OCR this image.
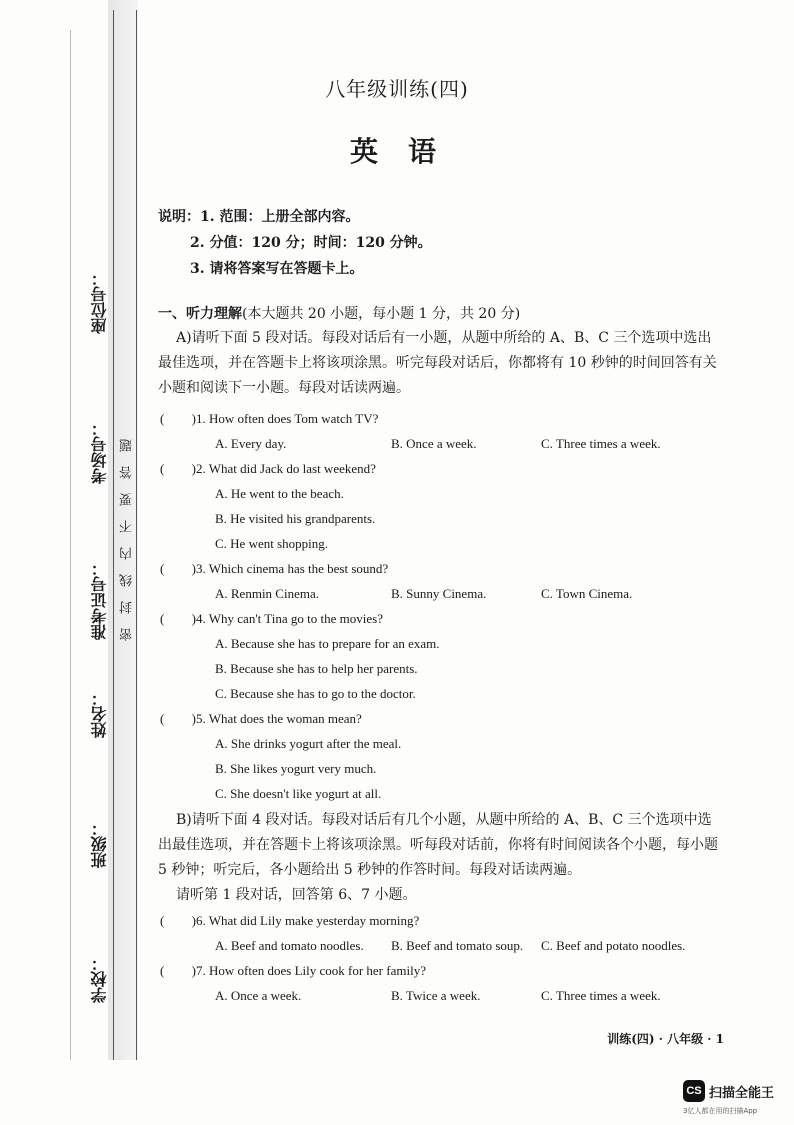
座位号：
考场号：
准考证号：
姓名：
班级：
学校：
密封线内不要答题
八年级训练(四)
英语
说明：1. 范围：上册全部内容。
2. 分值：120 分；时间：120 分钟。
3. 请将答案写在答题卡上。
一、听力理解(本大题共 20 小题，每小题 1 分，共 20 分)
A)请听下面 5 段对话。每段对话后有一小题，从题中所给的 A、B、C 三个选项中选出最佳选项，并在答题卡上将该项涂黑。听完每段对话后，你都将有 10 秒钟的时间回答有关小题和阅读下一小题。每段对话读两遍。
( )1. How often does Tom watch TV?
A. Every day.	B. Once a week.	C. Three times a week.
( )2. What did Jack do last weekend?
A. He went to the beach.
B. He visited his grandparents.
C. He went shopping.
( )3. Which cinema has the best sound?
A. Renmin Cinema.	B. Sunny Cinema.	C. Town Cinema.
( )4. Why can't Tina go to the movies?
A. Because she has to prepare for an exam.
B. Because she has to help her parents.
C. Because she has to go to the doctor.
( )5. What does the woman mean?
A. She drinks yogurt after the meal.
B. She likes yogurt very much.
C. She doesn't like yogurt at all.
B)请听下面 4 段对话。每段对话后有几个小题，从题中所给的 A、B、C 三个选项中选出最佳选项，并在答题卡上将该项涂黑。听每段对话前，你将有时间阅读各个小题，每小题 5 秒钟；听完后，各小题给出 5 秒钟的作答时间。每段对话读两遍。
请听第 1 段对话，回答第 6、7 小题。
( )6. What did Lily make yesterday morning?
A. Beef and tomato noodles. B. Beef and tomato soup. C. Beef and potato noodles.
( )7. How often does Lily cook for her family?
A. Once a week.	B. Twice a week.	C. Three times a week.
训练(四) · 八年级 · 1
CS 扫描全能王
3亿人都在用的扫描App
